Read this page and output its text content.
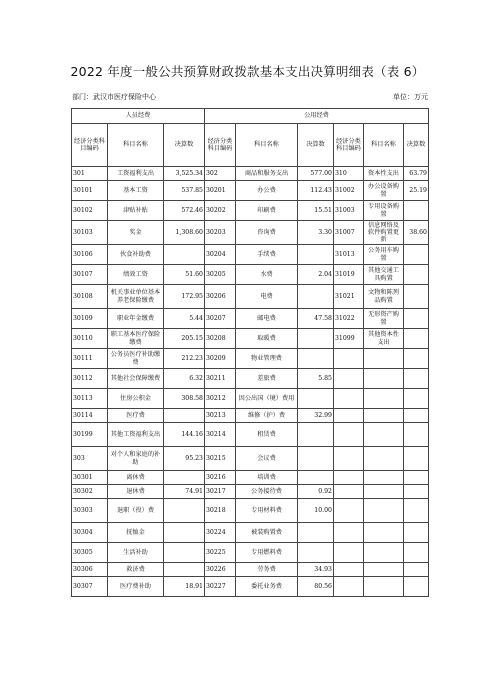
2022 年度一般公共预算财政拨款基本支出决算明细表（表 6）
部门：武汉市医疗保险中心	单位：万元
人员经费			公用经费					
经济分类科目编码	科目名称	决算数	经济分类科目编码	科目名称	决算数	经济分类科目编码	科目名称	决算数
301	工资福利支出	3,525.34	302	商品和服务支出	577.00	310	资本性支出	63.79
30101	基本工资	537.85	30201	办公费	112.43	31002	办公设备购置	25.19
30102	津贴补贴	572.46	30202	印刷费	15.51	31003	专用设备购置	
30103	奖金	1,308.60	30203	咨询费	3.30	31007	信息网络及软件购置更新	38.60
30106	伙食补助费		30204	手续费		31013	公务用车购置	
30107	绩效工资	51.60	30205	水费	2.04	31019	其他交通工具购置	
30108	机关事业单位基本养老保险缴费	172.95	30206	电费		31021	文物和陈列品购置	
30109	职业年金缴费	5.44	30207	邮电费	47.58	31022	无形资产购置	
30110	职工基本医疗保险缴费	205.15	30208	取暖费		31099	其他资本性支出	
30111	公务员医疗补助缴费	212.23	30209	物业管理费				
30112	其他社会保障缴费	6.32	30211	差旅费	5.85			
30113	住房公积金	308.58	30212	因公出国（境）费用				
30114	医疗费		30213	维修（护）费	32.99			
30199	其他工资福利支出	144.16	30214	租赁费				
303	对个人和家庭的补助	95.23	30215	会议费				
30301	离休费		30216	培训费				
30302	退休费	74.91	30217	公务接待费	0.92			
30303	退职（役）费		30218	专用材料费	10.00			
30304	抚恤金		30224	被装购置费				
30305	生活补助		30225	专用燃料费				
30306	救济费		30226	劳务费	34.93			
30307	医疗费补助	18.91	30227	委托业务费	80.56			
